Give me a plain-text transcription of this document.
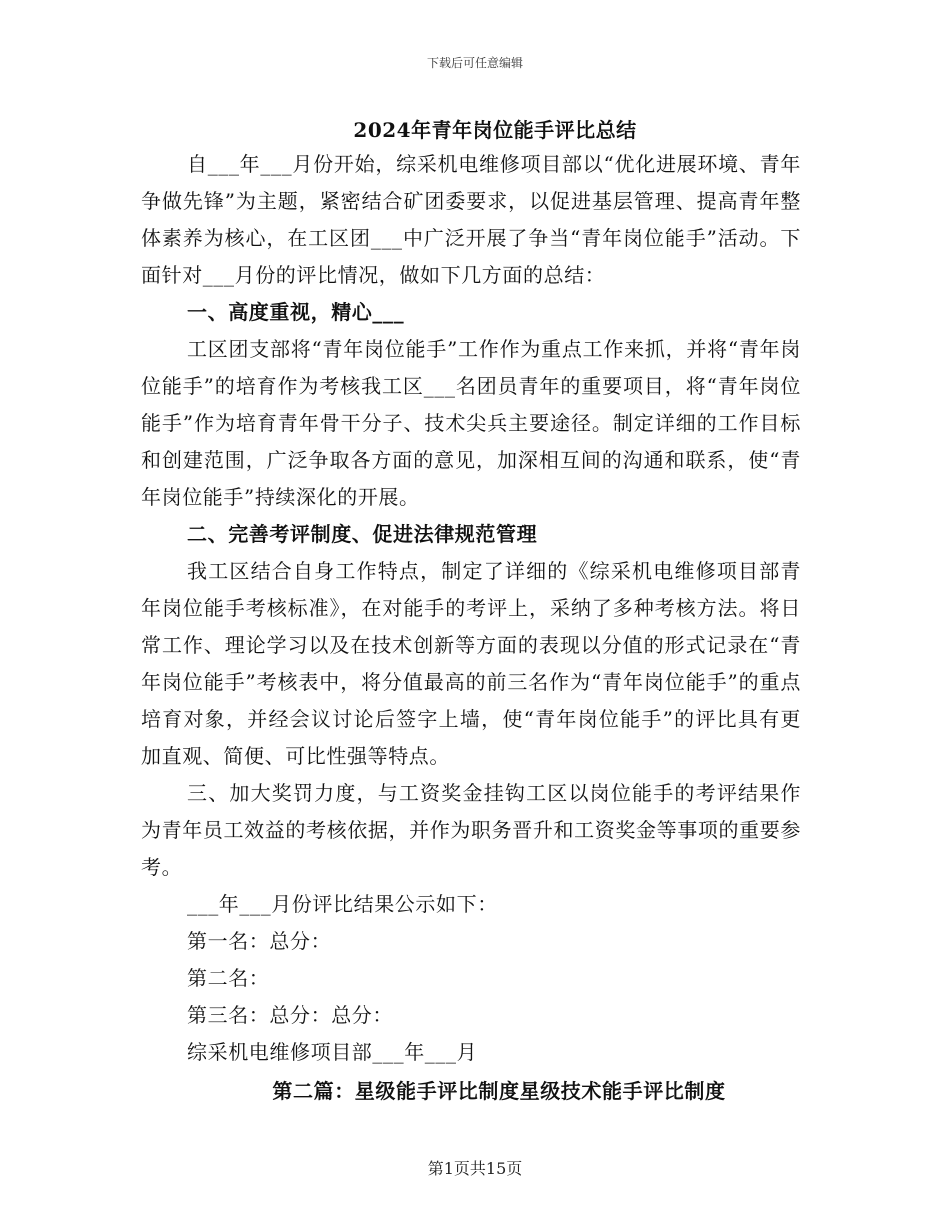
下载后可任意编辑
2024年青年岗位能手评比总结

自___年___月份开始，综采机电维修项目部以“优化进展环境、青年争做先锋”为主题，紧密结合矿团委要求，以促进基层管理、提高青年整体素养为核心，在工区团___中广泛开展了争当“青年岗位能手”活动。下面针对___月份的评比情况，做如下几方面的总结：

一、高度重视，精心___

工区团支部将“青年岗位能手”工作作为重点工作来抓，并将“青年岗位能手”的培育作为考核我工区___名团员青年的重要项目，将“青年岗位能手”作为培育青年骨干分子、技术尖兵主要途径。制定详细的工作目标和创建范围，广泛争取各方面的意见，加深相互间的沟通和联系，使“青年岗位能手”持续深化的开展。

二、完善考评制度、促进法律规范管理

我工区结合自身工作特点，制定了详细的《综采机电维修项目部青年岗位能手考核标准》，在对能手的考评上，采纳了多种考核方法。将日常工作、理论学习以及在技术创新等方面的表现以分值的形式记录在“青年岗位能手”考核表中，将分值最高的前三名作为“青年岗位能手”的重点培育对象，并经会议讨论后签字上墙，使“青年岗位能手”的评比具有更加直观、简便、可比性强等特点。

三、加大奖罚力度，与工资奖金挂钩工区以岗位能手的考评结果作为青年员工效益的考核依据，并作为职务晋升和工资奖金等事项的重要参考。

___年___月份评比结果公示如下：

第一名：总分：

第二名：

第三名：总分：总分：

综采机电维修项目部___年___月

第二篇：星级能手评比制度星级技术能手评比制度
第1页共15页
